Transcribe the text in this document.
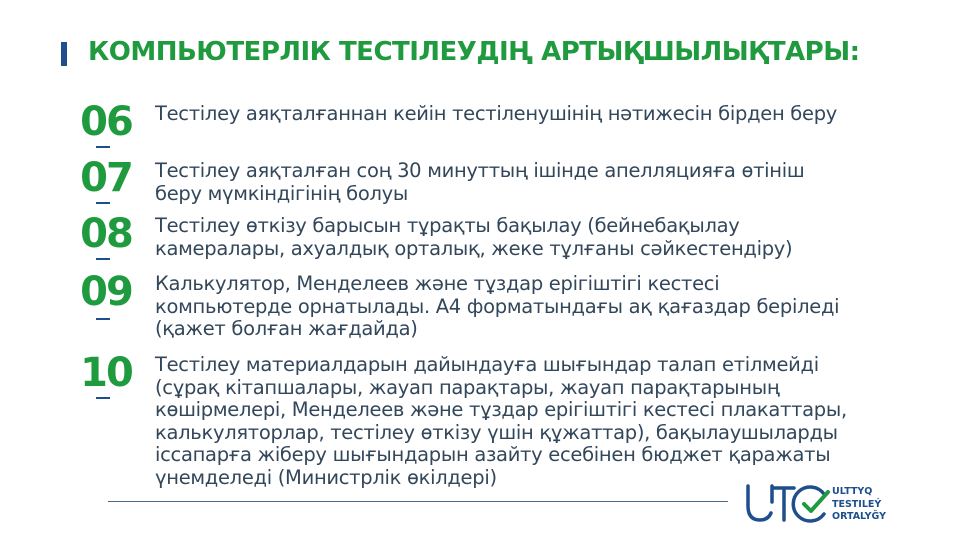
КОМПЬЮТЕРЛІК ТЕСТІЛЕУДІҢ АРТЫҚШЫЛЫҚТАРЫ:
06 Тестілеу аяқталғаннан кейін тестіленушінің нәтижесін бірден беру

07 Тестілеу аяқталған соң 30 минуттың ішінде апелляцияға өтініш беру мүмкіндігінің болуы

08 Тестілеу өткізу барысын тұрақты бақылау (бейнебақылау камералары, ахуалдық орталық, жеке тұлғаны сәйкестендіру)

09 Калькулятор, Менделеев және тұздар ерігіштігі кестесі компьютерде орнатылады. А4 форматындағы ақ қағаздар беріледі (қажет болған жағдайда)

10 Тестілеу материалдарын дайындауға шығындар талап етілмейді (сұрақ кітапшалары, жауап парақтары, жауап парақтарының көшірмелері, Менделеев және тұздар ерігіштігі кестесі плакаттары, калькуляторлар, тестілеу өткізу үшін құжаттар), бақылаушыларды іссапарға жіберу шығындарын азайту есебінен бюджет қаражаты үнемделеді (Министрлік өкілдері)

ULTTYQ
TESTILEÝ
ORTALYĞY
